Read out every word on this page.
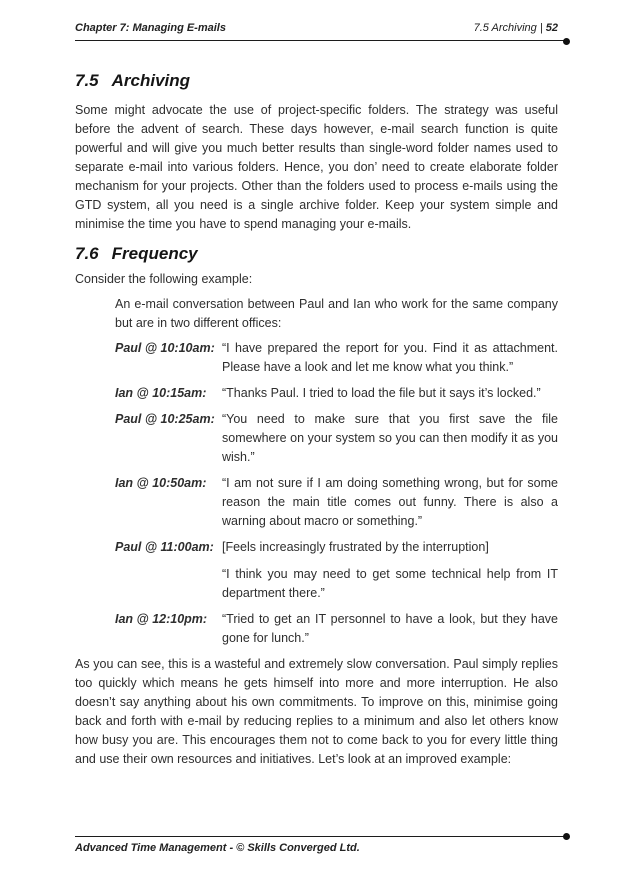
Chapter 7: Managing E-mails	7.5 Archiving | 52
7.5 Archiving

Some might advocate the use of project-specific folders. The strategy was useful before the advent of search. These days however, e-mail search function is quite powerful and will give you much better results than single-word folder names used to separate e-mail into various folders. Hence, you don’ need to create elaborate folder mechanism for your projects. Other than the folders used to process e-mails using the GTD system, all you need is a single archive folder. Keep your system simple and minimise the time you have to spend managing your e-mails.

7.6 Frequency

Consider the following example:

An e-mail conversation between Paul and Ian who work for the same company but are in two different offices:

Paul @ 10:10am: “I have prepared the report for you. Find it as attachment. Please have a look and let me know what you think.”

Ian @ 10:15am:	“Thanks Paul. I tried to load the file but it says it’s locked.”

Paul @ 10:25am: “You need to make sure that you first save the file somewhere on your system so you can then modify it as you wish.”

Ian @ 10:50am:	“I am not sure if I am doing something wrong, but for some reason the main title comes out funny. There is also a warning about macro or something.”

Paul @ 11:00am: [Feels increasingly frustrated by the interruption]

“I think you may need to get some technical help from IT department there.”

Ian @ 12:10pm:	“Tried to get an IT personnel to have a look, but they have gone for lunch.”

As you can see, this is a wasteful and extremely slow conversation. Paul simply replies too quickly which means he gets himself into more and more interruption. He also doesn’t say anything about his own commitments. To improve on this, minimise going back and forth with e-mail by reducing replies to a minimum and also let others know how busy you are. This encourages them not to come back to you for every little thing and use their own resources and initiatives. Let’s look at an improved example:

Advanced Time Management - © Skills Converged Ltd.
